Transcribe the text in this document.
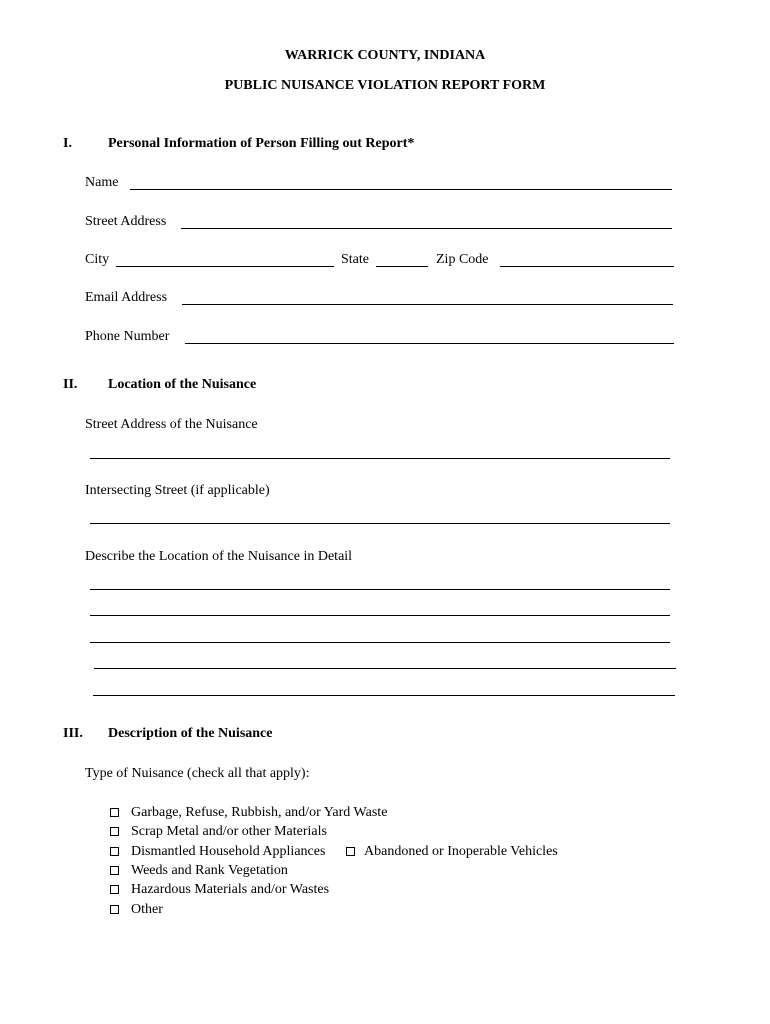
WARRICK COUNTY, INDIANA
PUBLIC NUISANCE VIOLATION REPORT FORM
I.	Personal Information of Person Filling out Report*
Name
Street Address
City	State	Zip Code
Email Address
Phone Number
II. Location of the Nuisance
Street Address of the Nuisance
Intersecting Street (if applicable)
Describe the Location of the Nuisance in Detail
III. Description of the Nuisance
Type of Nuisance (check all that apply):
Garbage, Refuse, Rubbish, and/or Yard Waste
Scrap Metal and/or other Materials
Dismantled Household Appliances	Abandoned or Inoperable Vehicles
Weeds and Rank Vegetation
Hazardous Materials and/or Wastes
Other
